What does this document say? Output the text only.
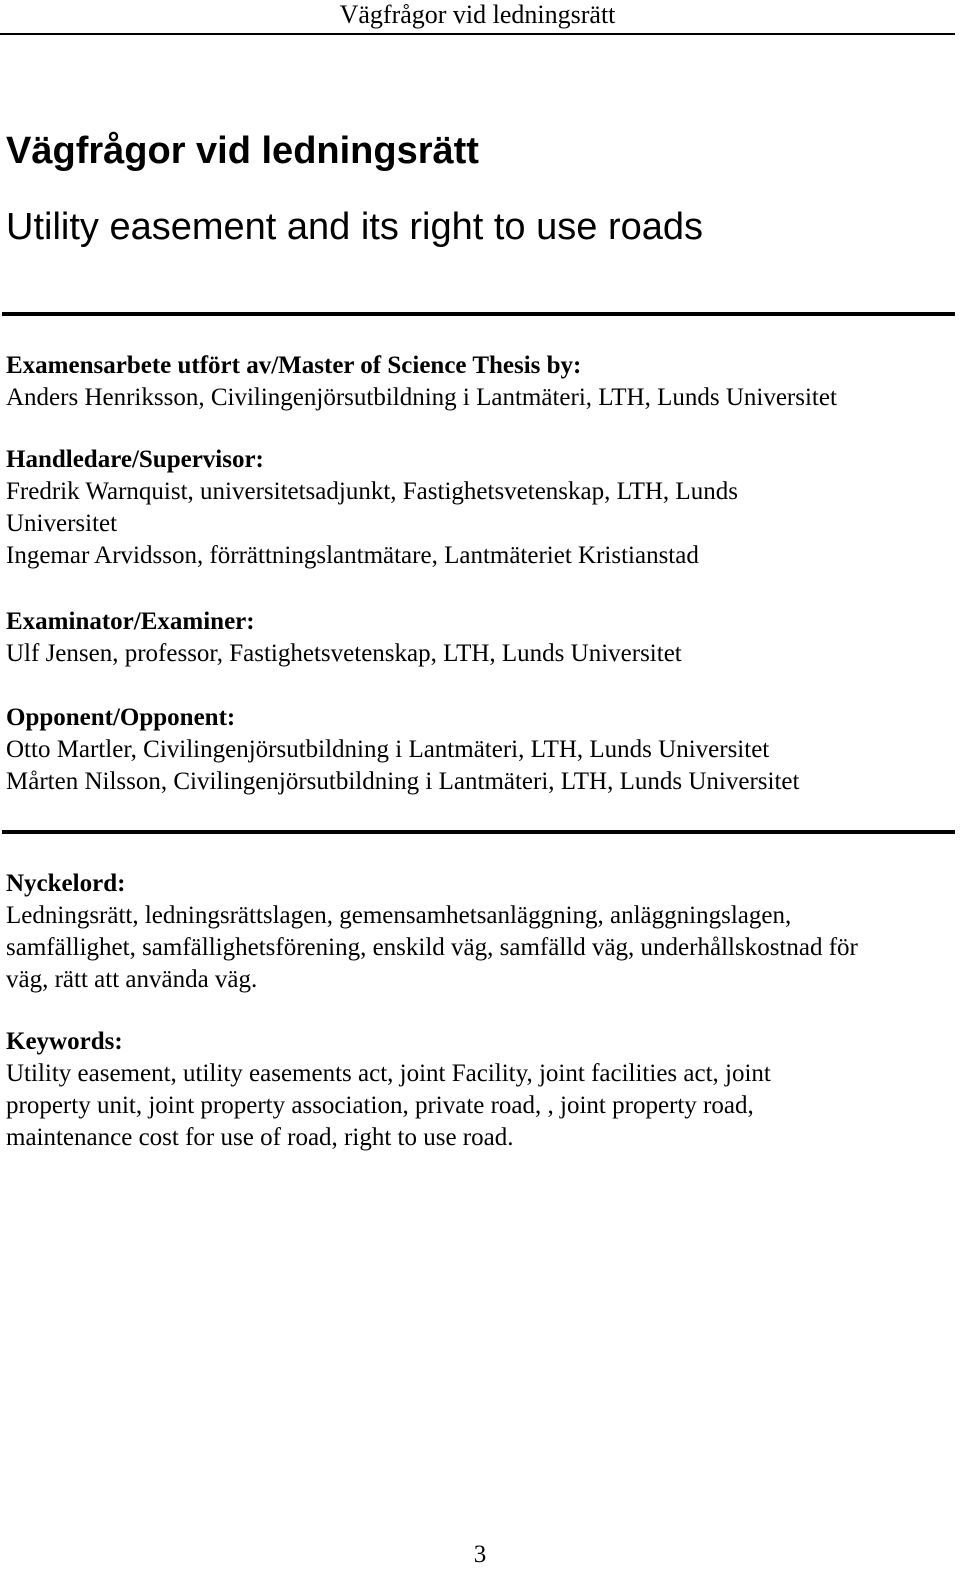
Vägfrågor vid ledningsrätt
Vägfrågor vid ledningsrätt
Utility easement and its right to use roads
Examensarbete utfört av/Master of Science Thesis by:
Anders Henriksson, Civilingenjörsutbildning i Lantmäteri, LTH, Lunds Universitet
Handledare/Supervisor:
Fredrik Warnquist, universitetsadjunkt, Fastighetsvetenskap, LTH, Lunds
Universitet
Ingemar Arvidsson, förrättningslantmätare, Lantmäteriet Kristianstad
Examinator/Examiner:
Ulf Jensen, professor, Fastighetsvetenskap, LTH, Lunds Universitet
Opponent/Opponent:
Otto Martler, Civilingenjörsutbildning i Lantmäteri, LTH, Lunds Universitet
Mårten Nilsson, Civilingenjörsutbildning i Lantmäteri, LTH, Lunds Universitet
Nyckelord:
Ledningsrätt, ledningsrättslagen, gemensamhetsanläggning, anläggningslagen,
samfällighet, samfällighetsförening, enskild väg, samfälld väg, underhållskostnad för
väg, rätt att använda väg.
Keywords:
Utility easement, utility easements act, joint Facility, joint facilities act, joint
property unit, joint property association, private road, , joint property road,
maintenance cost for use of road, right to use road.
3
